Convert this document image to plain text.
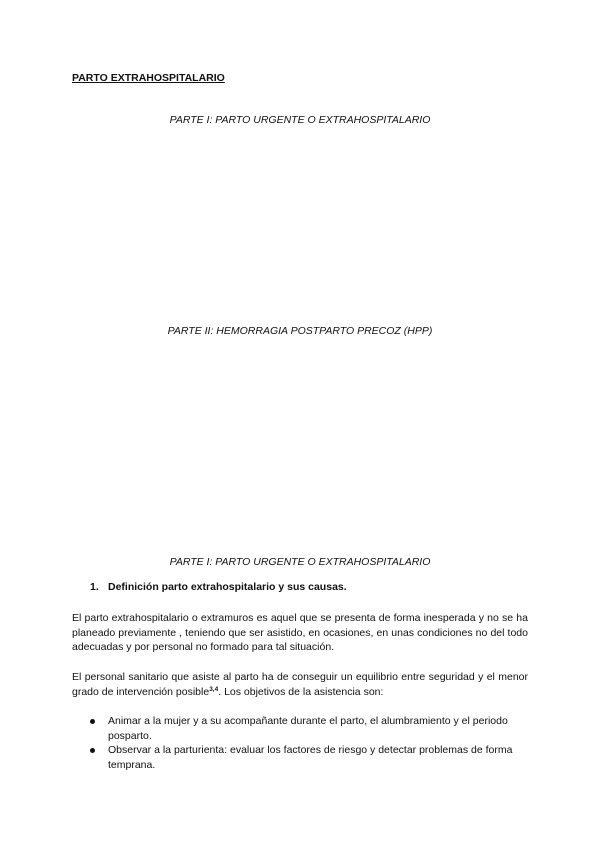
PARTO EXTRAHOSPITALARIO

PARTE I: PARTO URGENTE O EXTRAHOSPITALARIO

PARTE II: HEMORRAGIA POSTPARTO PRECOZ (HPP)

PARTE I: PARTO URGENTE O EXTRAHOSPITALARIO

1. Definición parto extrahospitalario y sus causas.

El parto extrahospitalario o extramuros es aquel que se presenta de forma inesperada y no se ha planeado previamente , teniendo que ser asistido, en ocasiones, en unas condiciones no del todo adecuadas y por personal no formado para tal situación.

El personal sanitario que asiste al parto ha de conseguir un equilibrio entre seguridad y el menor grado de intervención posible$^{3,4}$. Los objetivos de la asistencia son:

Animar a la mujer y a su acompañante durante el parto, el alumbramiento y el periodo posparto.
Observar a la parturienta: evaluar los factores de riesgo y detectar problemas de forma temprana.
